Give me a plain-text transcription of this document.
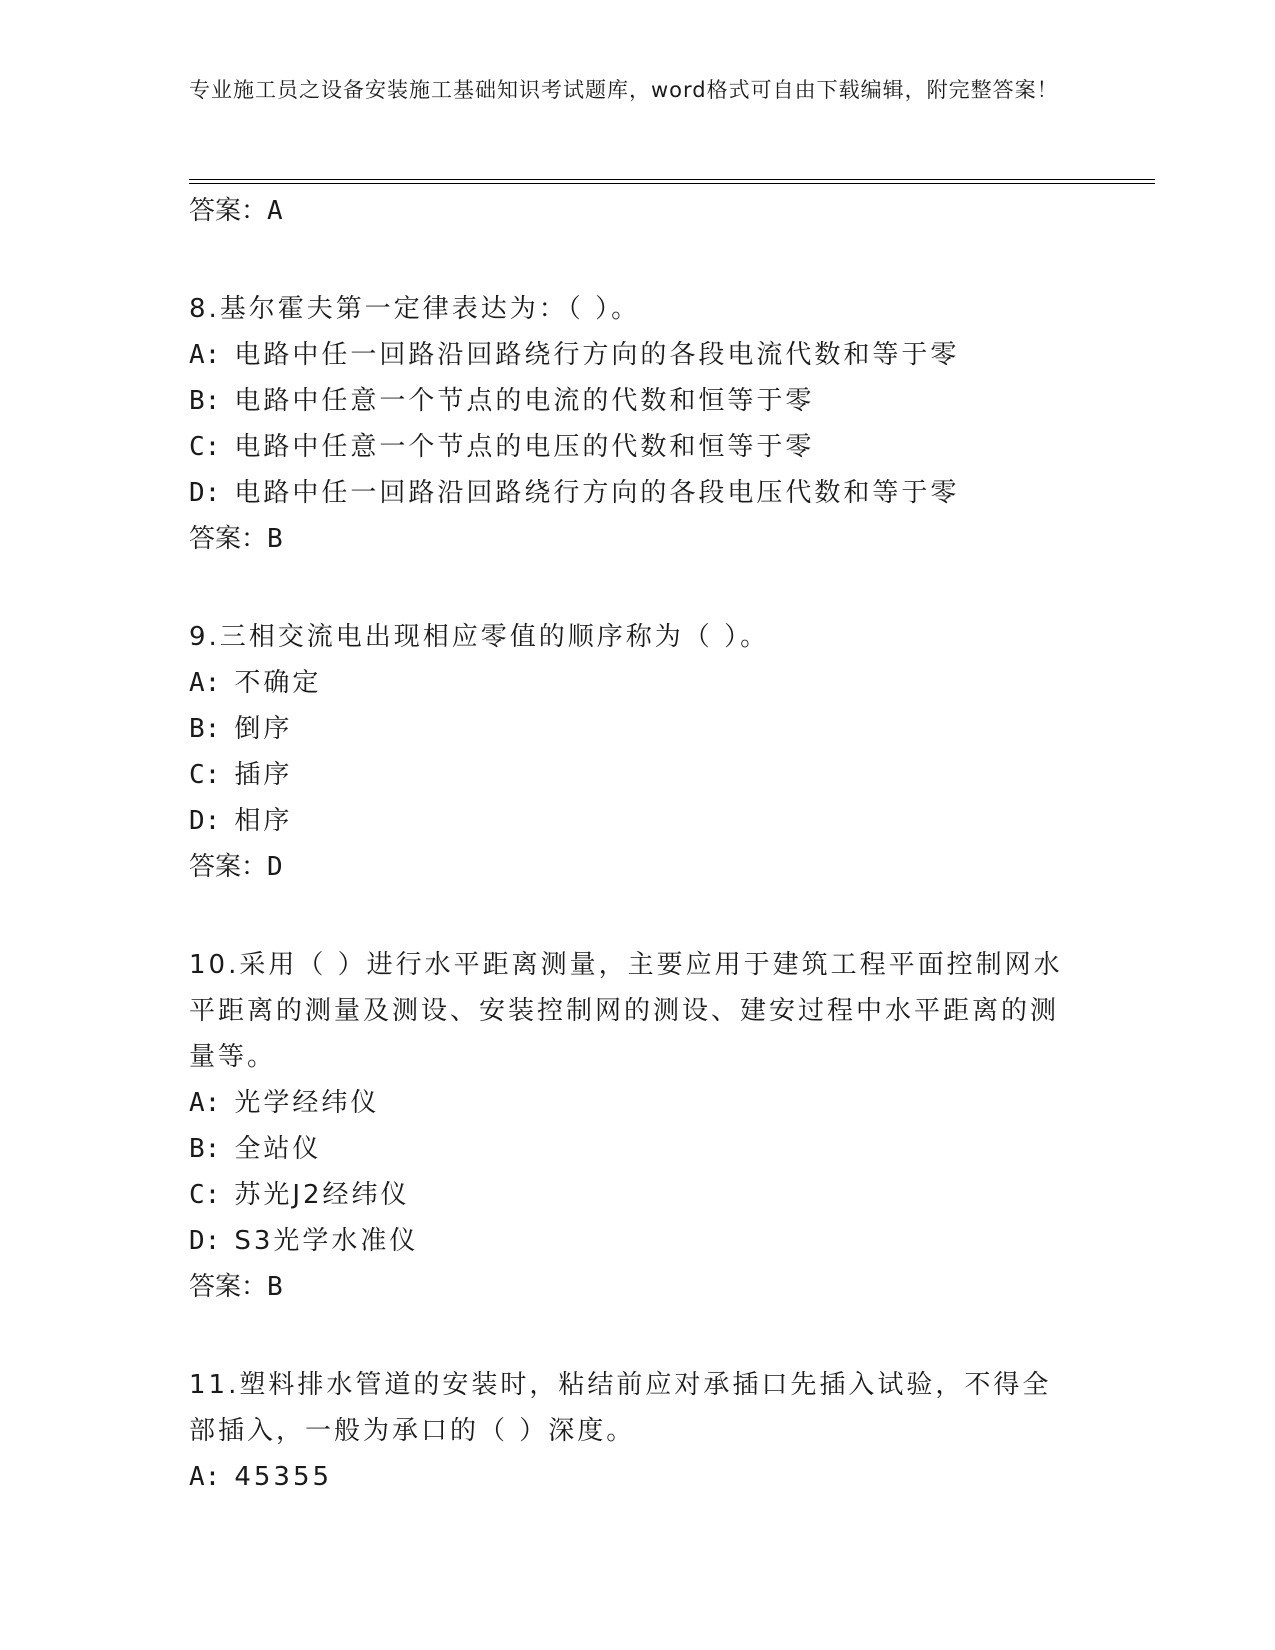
专业施工员之设备安装施工基础知识考试题库，word格式可自由下载编辑，附完整答案！
答案：A
8.基尔霍夫第一定律表达为：（ ）。
A: 电路中任一回路沿回路绕行方向的各段电流代数和等于零
B: 电路中任意一个节点的电流的代数和恒等于零
C: 电路中任意一个节点的电压的代数和恒等于零
D: 电路中任一回路沿回路绕行方向的各段电压代数和等于零
答案：B
9.三相交流电出现相应零值的顺序称为（ ）。
A: 不确定
B: 倒序
C: 插序
D: 相序
答案：D
10.采用（ ）进行水平距离测量，主要应用于建筑工程平面控制网水平距离的测量及测设、安装控制网的测设、建安过程中水平距离的测量等。
A: 光学经纬仪
B: 全站仪
C: 苏光J2经纬仪
D: S3光学水准仪
答案：B
11.塑料排水管道的安装时，粘结前应对承插口先插入试验，不得全部插入，一般为承口的（ ）深度。
A: 45355
